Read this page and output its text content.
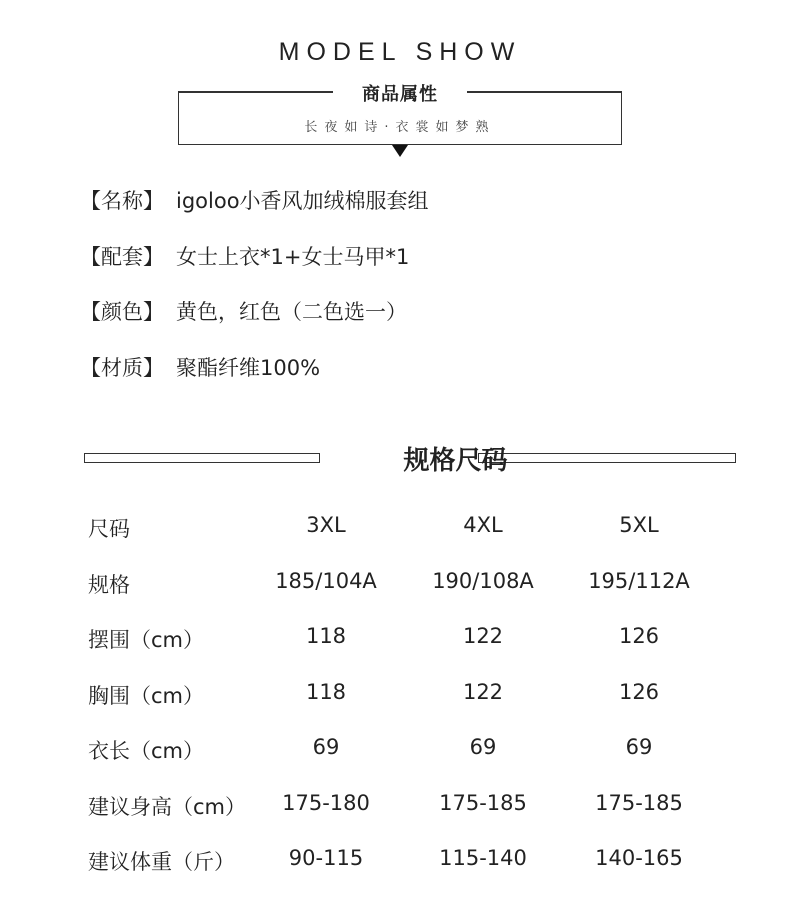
MODEL SHOW
商品属性
长夜如诗·衣裳如梦熟
【名称】 igoloo小香风加绒棉服套组
【配套】 女士上衣*1+女士马甲*1
【颜色】 黄色，红色（二色选一）
【材质】 聚酯纤维100%
规格尺码
尺码	3XL	4XL	5XL
规格	185/104A	190/108A	195/112A
摆围（cm）	118	122	126
胸围（cm）	118	122	126
衣长（cm）	69	69	69
建议身高（cm） 175-180	175-185	175-185
建议体重（斤）	90-115	115-140	140-165
